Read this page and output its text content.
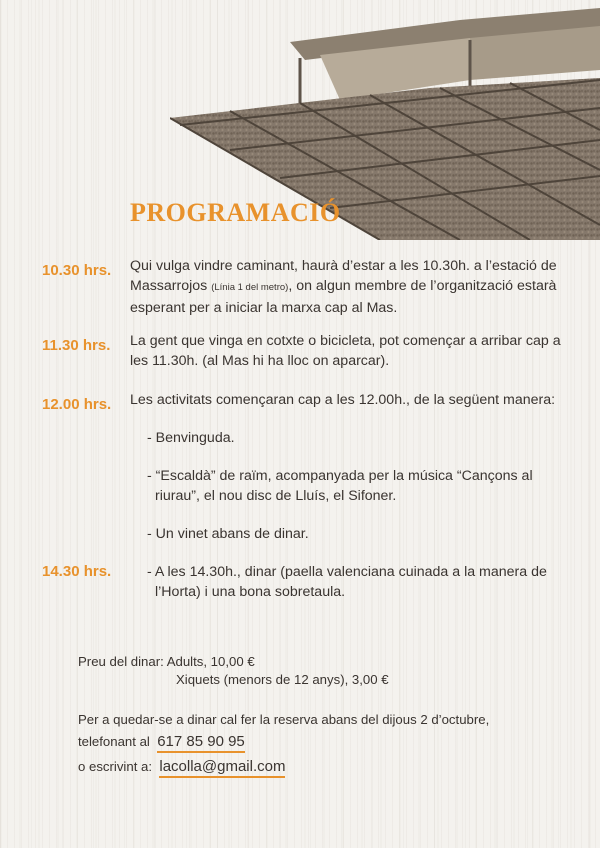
PROGRAMACIÓ
10.30 hrs. Qui vulga vindre caminant, haurà d’estar a les 10.30h. a l’estació de Massarrojos (Línia 1 del metro), on algun membre de l’organització estarà esperant per a iniciar la marxa cap al Mas.
11.30 hrs. La gent que vinga en cotxte o bicicleta, pot començar a arribar cap a les 11.30h. (al Mas hi ha lloc on aparcar).
12.00 hrs. Les activitats començaran cap a les 12.00h., de la següent manera:
- Benvinguda.
- “Escaldà” de raïm, acompanyada per la música “Cançons al
riurau”, el nou disc de Lluís, el Sifoner.
- Un vinet abans de dinar.
14.30 hrs.	- A les 14.30h., dinar (paella valenciana cuinada a la manera de
l’Horta) i una bona sobretaula.
Preu del dinar: Adults, 10,00 €
Xiquets (menors de 12 anys), 3,00 €
Per a quedar-se a dinar cal fer la reserva abans del dijous 2 d’octubre,
telefonant al 617 85 90 95
o escrivint a: lacolla@gmail.com
